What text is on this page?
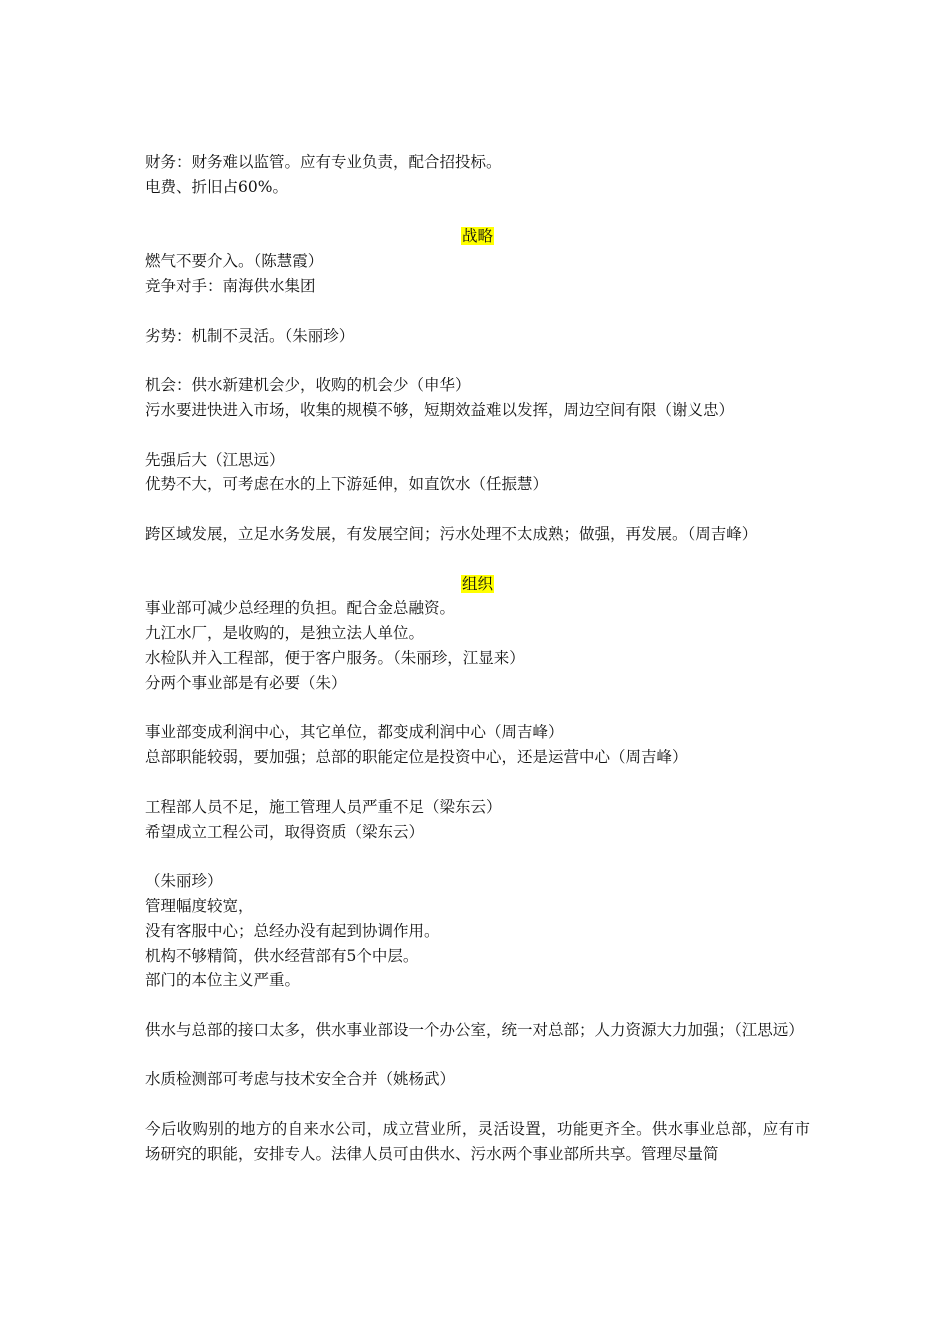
财务：财务难以监管。应有专业负责，配合招投标。
电费、折旧占60%。
战略
燃气不要介入。（陈慧霞）
竞争对手：南海供水集团
劣势：机制不灵活。（朱丽珍）
机会：供水新建机会少，收购的机会少（申华）
污水要进快进入市场，收集的规模不够，短期效益难以发挥，周边空间有限（谢义忠）
先强后大（江思远）
优势不大，可考虑在水的上下游延伸，如直饮水（任振慧）
跨区域发展，立足水务发展，有发展空间；污水处理不太成熟；做强，再发展。（周吉峰）
组织
事业部可减少总经理的负担。配合金总融资。
九江水厂，是收购的，是独立法人单位。
水检队并入工程部，便于客户服务。（朱丽珍，江显来）
分两个事业部是有必要（朱）
事业部变成利润中心，其它单位，都变成利润中心（周吉峰）
总部职能较弱，要加强；总部的职能定位是投资中心，还是运营中心（周吉峰）
工程部人员不足，施工管理人员严重不足（梁东云）
希望成立工程公司，取得资质（梁东云）
（朱丽珍）
管理幅度较宽，
没有客服中心；总经办没有起到协调作用。
机构不够精简，供水经营部有5个中层。
部门的本位主义严重。
供水与总部的接口太多，供水事业部设一个办公室，统一对总部；人力资源大力加强；（江思远）
水质检测部可考虑与技术安全合并（姚杨武）
今后收购别的地方的自来水公司，成立营业所，灵活设置，功能更齐全。供水事业总部，应有市场研究的职能，安排专人。法律人员可由供水、污水两个事业部所共享。管理尽量简
